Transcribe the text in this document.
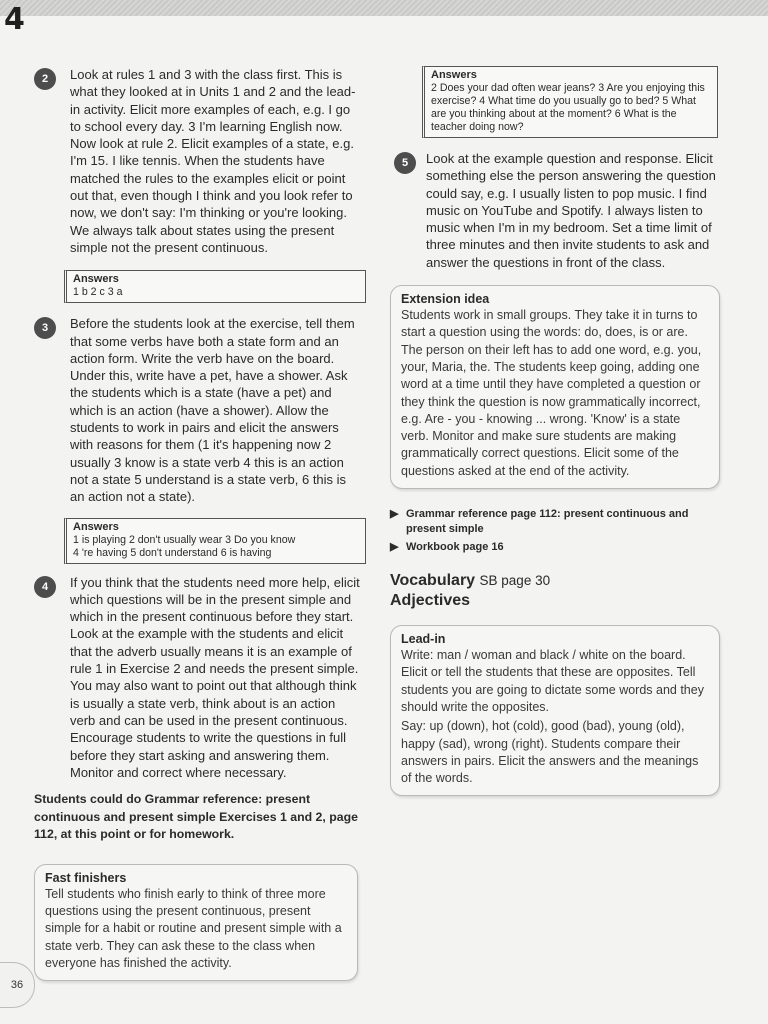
4
2	Look at rules 1 and 3 with the class first. This is what they looked at in Units 1 and 2 and the lead-in activity. Elicit more examples of each, e.g. I go to school every day. 3 I'm learning English now. Now look at rule 2. Elicit examples of a state, e.g. I'm 15. I like tennis. When the students have matched the rules to the examples elicit or point out that, even though I think and you look refer to now, we don't say: I'm thinking or you're looking. We always talk about states using the present simple not the present continuous.

Answers
1 b 2 c 3 a
3	Before the students look at the exercise, tell them that some verbs have both a state form and an action form. Write the verb have on the board. Under this, write have a pet, have a shower. Ask the students which is a state (have a pet) and which is an action (have a shower). Allow the students to work in pairs and elicit the answers with reasons for them (1 it's happening now 2 usually 3 know is a state verb 4 this is an action not a state 5 understand is a state verb, 6 this is an action not a state).

Answers
1 is playing 2 don't usually wear 3 Do you know
4 're having 5 don't understand 6 is having
4	If you think that the students need more help, elicit which questions will be in the present simple and which in the present continuous before they start. Look at the example with the students and elicit that the adverb usually means it is an example of rule 1 in Exercise 2 and needs the present simple. You may also want to point out that although think is usually a state verb, think about is an action verb and can be used in the present continuous. Encourage students to write the questions in full before they start asking and answering them. Monitor and correct where necessary.

Students could do Grammar reference: present continuous and present simple Exercises 1 and 2, page 112, at this point or for homework.

Fast finishers

Tell students who finish early to think of three more questions using the present continuous, present simple for a habit or routine and present simple with a state verb. They can ask these to the class when everyone has finished the activity.

Answers
2 Does your dad often wear jeans? 3 Are you enjoying this exercise? 4 What time do you usually go to bed? 5 What are you thinking about at the moment? 6 What is the teacher doing now?
5	Look at the example question and response. Elicit something else the person answering the question could say, e.g. I usually listen to pop music. I find music on YouTube and Spotify. I always listen to music when I'm in my bedroom. Set a time limit of three minutes and then invite students to ask and answer the questions in front of the class.

Extension idea

Students work in small groups. They take it in turns to start a question using the words: do, does, is or are. The person on their left has to add one word, e.g. you, your, Maria, the. The students keep going, adding one word at a time until they have completed a question or they think the question is now grammatically incorrect, e.g. Are - you - knowing ... wrong. 'Know' is a state verb. Monitor and make sure students are making grammatically correct questions. Elicit some of the questions asked at the end of the activity.

▶ Grammar reference page 112: present continuous and present simple
▶ Workbook page 16
Vocabulary SB page 30
Adjectives
Lead-in

Write: man / woman and black / white on the board. Elicit or tell the students that these are opposites. Tell students you are going to dictate some words and they should write the opposites.

Say: up (down), hot (cold), good (bad), young (old), happy (sad), wrong (right). Students compare their answers in pairs. Elicit the answers and the meanings of the words.

36
